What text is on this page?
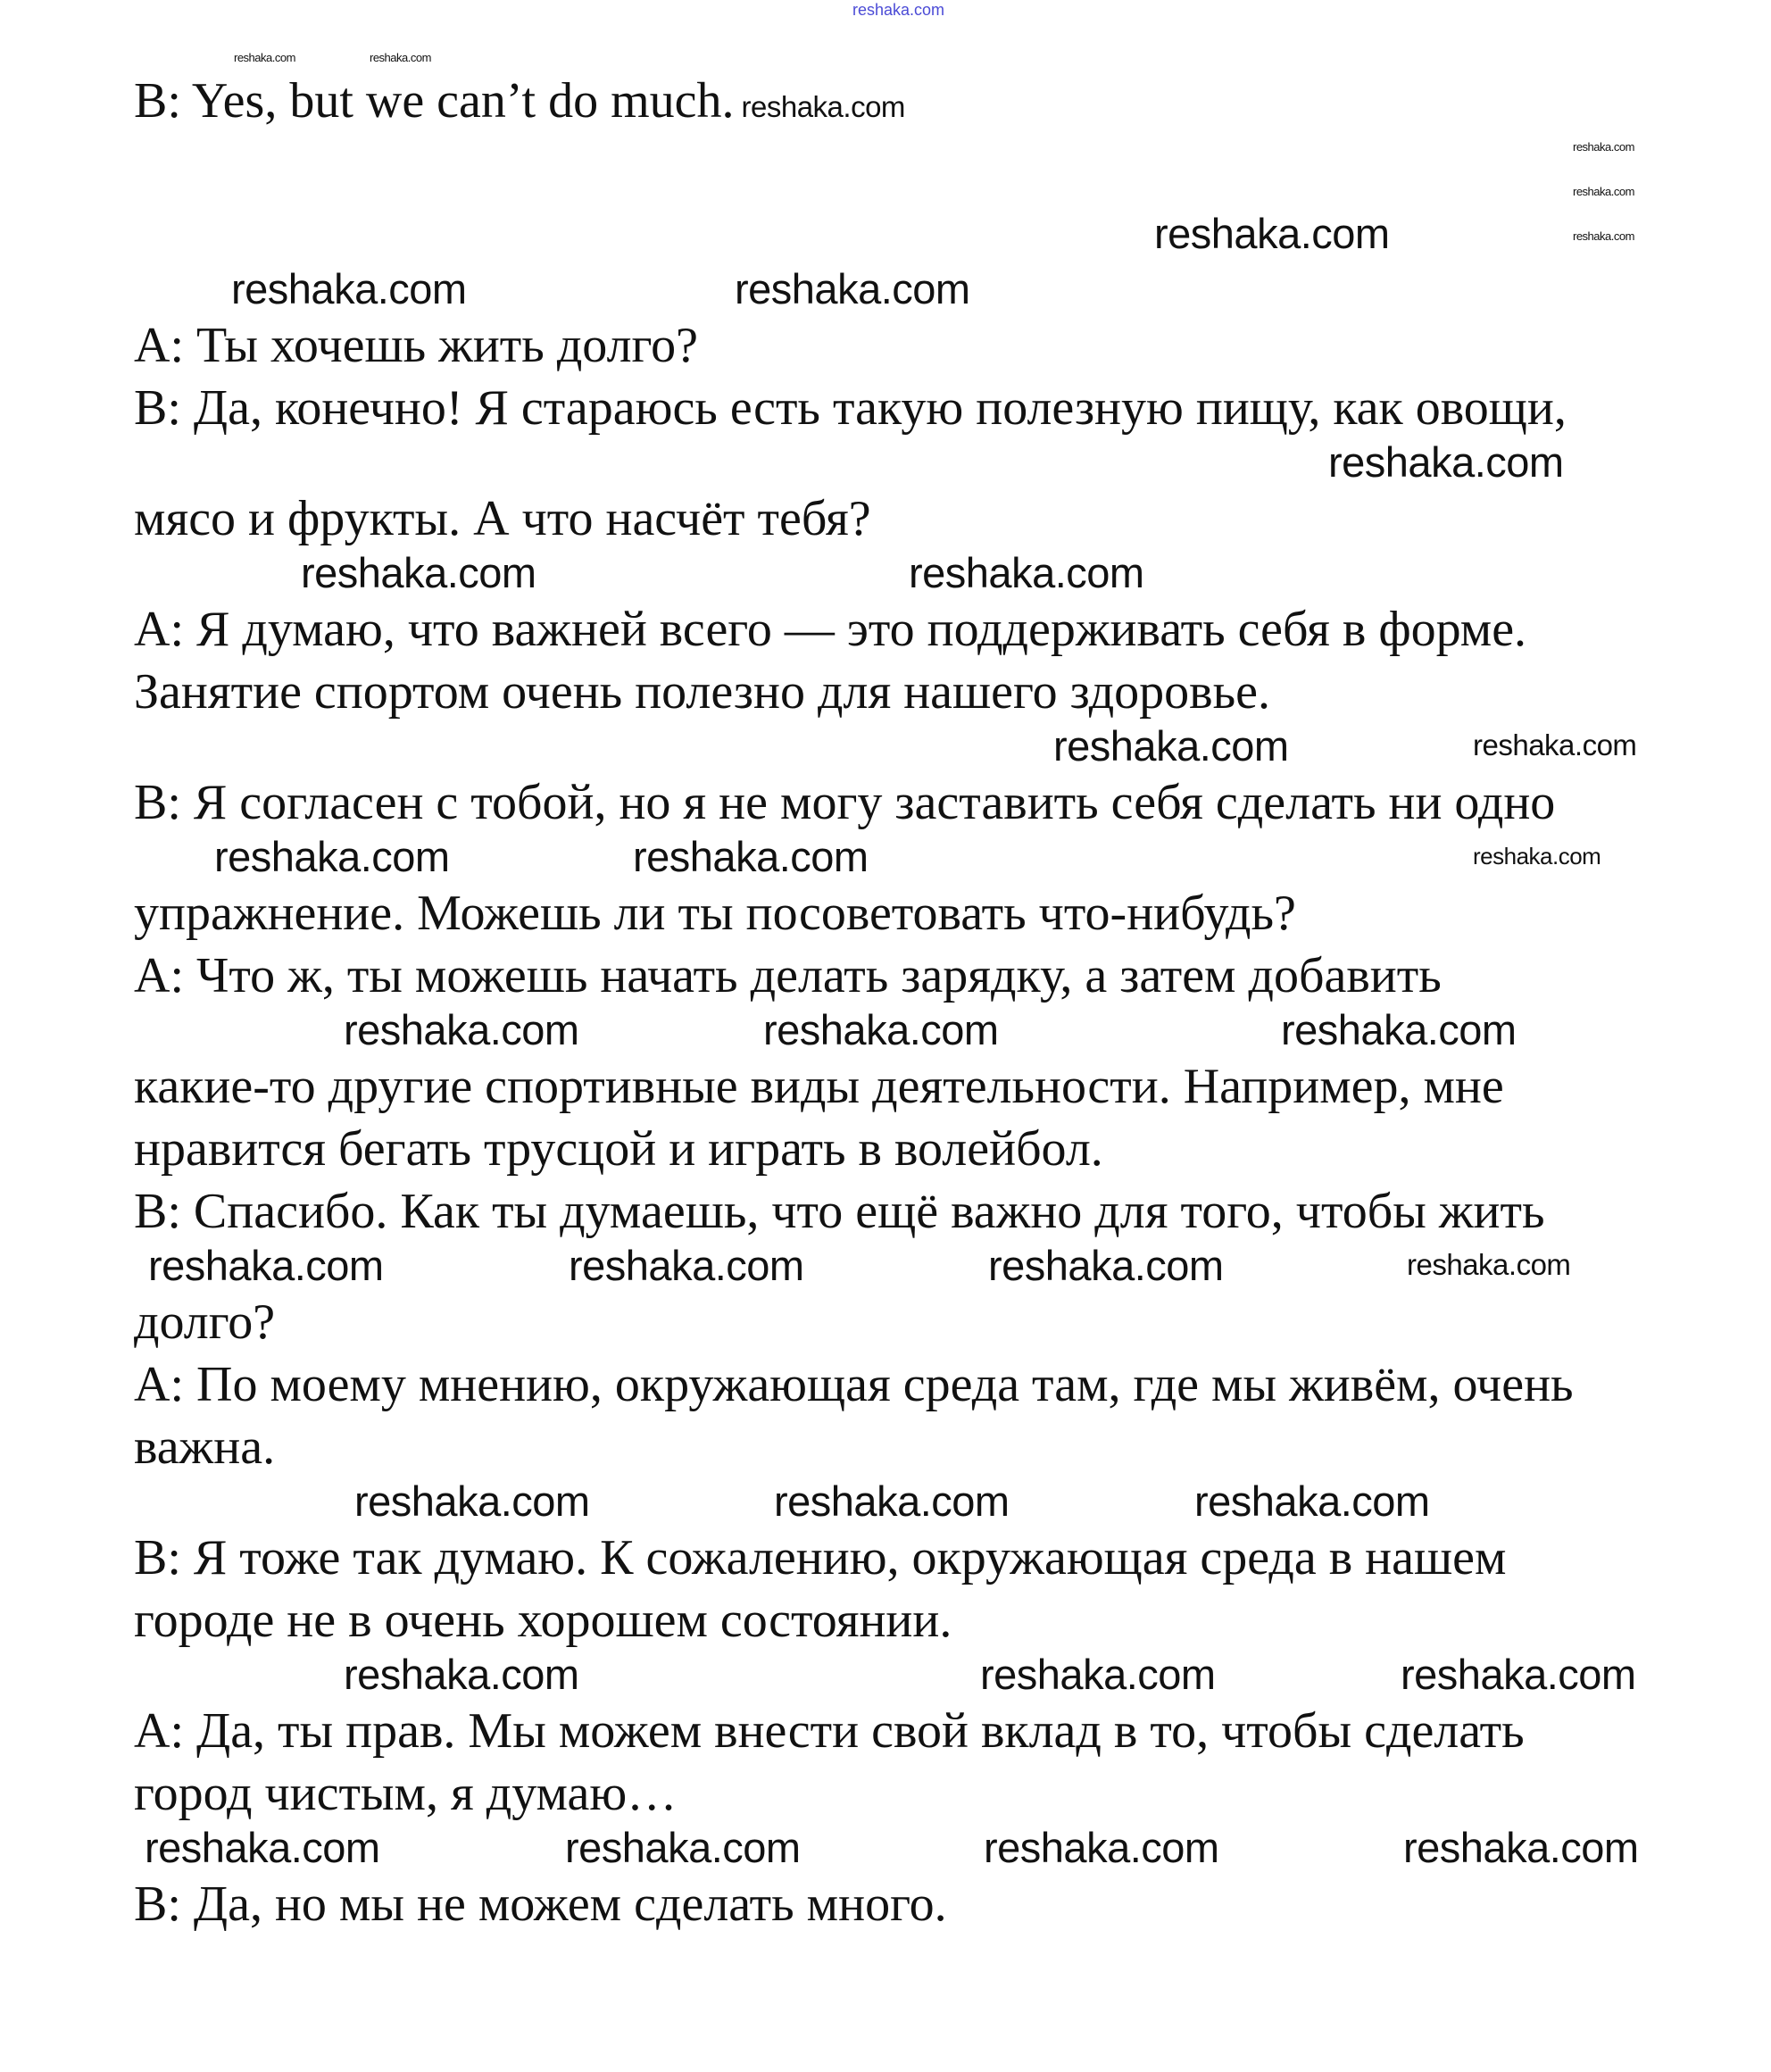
reshaka.com
reshaka.com	reshaka.com
B: Yes, but we can’t do much. reshaka.com
reshaka.com
reshaka.com
reshaka.com
reshaka.com
reshaka.com	reshaka.com
А: Ты хочешь жить долго?
В: Да, конечно! Я стараюсь есть такую полезную пищу, как овощи,
reshaka.com
мясо и фрукты. А что насчёт тебя?
reshaka.com	reshaka.com
А: Я думаю, что важней всего — это поддерживать себя в форме.
Занятие спортом очень полезно для нашего здоровье.
reshaka.com	reshaka.com
В: Я согласен с тобой, но я не могу заставить себя сделать ни одно
reshaka.com	reshaka.com	reshaka.com
упражнение. Можешь ли ты посоветовать что-нибудь?
А: Что ж, ты можешь начать делать зарядку, а затем добавить
reshaka.com	reshaka.com	reshaka.com
какие-то другие спортивные виды деятельности. Например, мне
нравится бегать трусцой и играть в волейбол.
В: Спасибо. Как ты думаешь, что ещё важно для того, чтобы жить
reshaka.com	reshaka.com	reshaka.com	reshaka.com
долго?
А: По моему мнению, окружающая среда там, где мы живём, очень
важна.
reshaka.com	reshaka.com	reshaka.com
В: Я тоже так думаю. К сожалению, окружающая среда в нашем
городе не в очень хорошем состоянии.
reshaka.com	reshaka.com	reshaka.com
А: Да, ты прав. Мы можем внести свой вклад в то, чтобы сделать
город чистым, я думаю…
reshaka.com	reshaka.com	reshaka.com	reshaka.com
В: Да, но мы не можем сделать много.
